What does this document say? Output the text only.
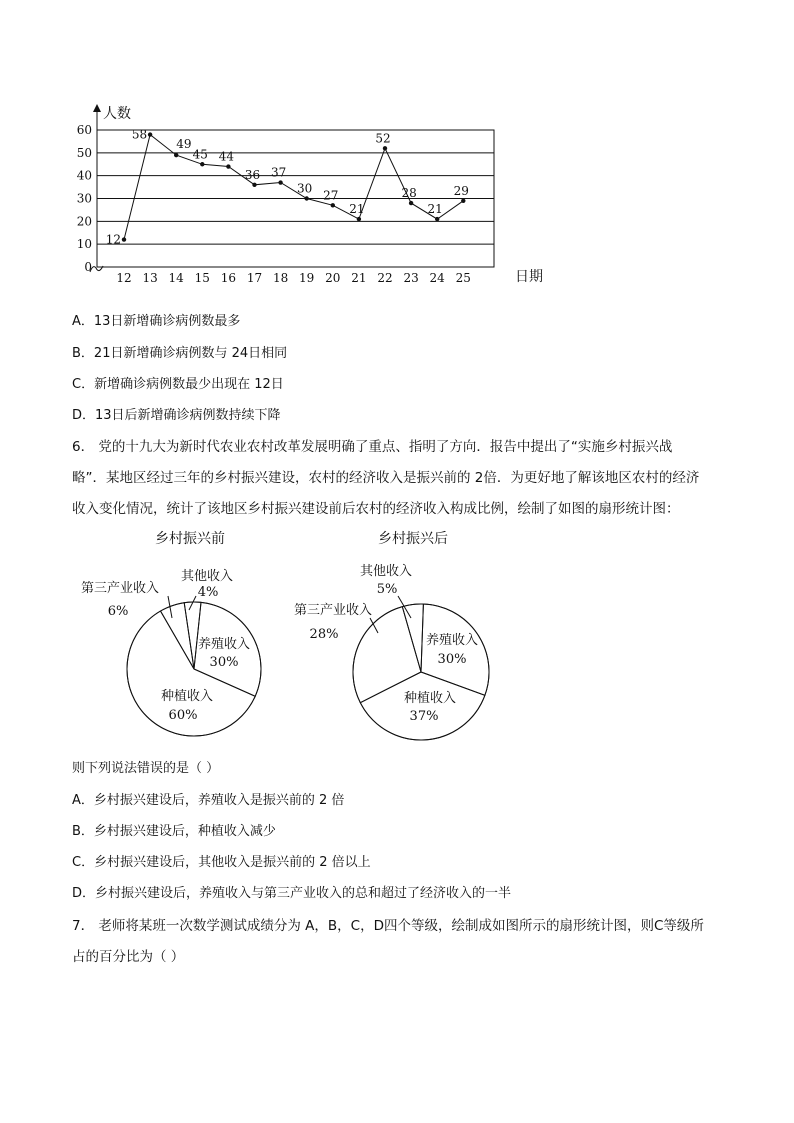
0
10
20
30
40
50
60
12 13 14 15 16 17 18 19 20 21 22 23 24 25
12
58
49
45 44
36 37
30 27
21
52
28
21
29
人数
日期
A．13日新增确诊病例数最多
B．21日新增确诊病例数与 24日相同
C．新增确诊病例数最少出现在 12日
D．13日后新增确诊病例数持续下降
6． 党的十九大为新时代农业农村改革发展明确了重点、指明了方向．报告中提出了“实施乡村振兴战
略”．某地区经过三年的乡村振兴建设，农村的经济收入是振兴前的 2倍．为更好地了解该地区农村的经济
收入变化情况，统计了该地区乡村振兴建设前后农村的经济收入构成比例，绘制了如图的扇形统计图：
乡村振兴前
养殖收入
30%
种植收入
60%
第三产业收入
6%
其他收入
4%
乡村振兴后
养殖收入
30%
种植收入
37%
第三产业收入
28%
其他收入
5%
则下列说法错误的是（ ）
A．乡村振兴建设后，养殖收入是振兴前的 2 倍
B．乡村振兴建设后，种植收入减少
C．乡村振兴建设后，其他收入是振兴前的 2 倍以上
D．乡村振兴建设后，养殖收入与第三产业收入的总和超过了经济收入的一半
7． 老师将某班一次数学测试成绩分为 A，B，C，D四个等级，绘制成如图所示的扇形统计图，则C等级所
占的百分比为（ ）
